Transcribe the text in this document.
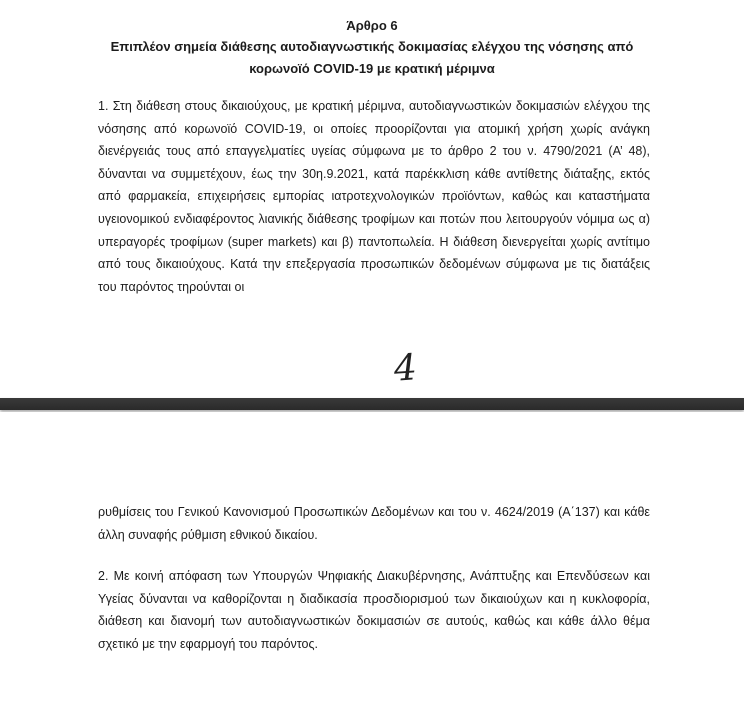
Άρθρο 6
Επιπλέον σημεία διάθεσης αυτοδιαγνωστικής δοκιμασίας ελέγχου της νόσησης από κορωνοϊό COVID-19 με κρατική μέριμνα

1. Στη διάθεση στους δικαιούχους, με κρατική μέριμνα, αυτοδιαγνωστικών δοκιμασιών ελέγχου της νόσησης από κορωνοϊό COVID-19, οι οποίες προορίζονται για ατομική χρήση χωρίς ανάγκη διενέργειάς τους από επαγγελματίες υγείας σύμφωνα με το άρθρο 2 του ν. 4790/2021 (Α’ 48), δύνανται να συμμετέχουν, έως την 30η.9.2021, κατά παρέκκλιση κάθε αντίθετης διάταξης, εκτός από φαρμακεία, επιχειρήσεις εμπορίας ιατροτεχνολογικών προϊόντων, καθώς και καταστήματα υγειονομικού ενδιαφέροντος λιανικής διάθεσης τροφίμων και ποτών που λειτουργούν νόμιμα ως α) υπεραγορές τροφίμων (super markets) και β) παντοπωλεία. Η διάθεση διενεργείται χωρίς αντίτιμο από τους δικαιούχους. Κατά την επεξεργασία προσωπικών δεδομένων σύμφωνα με τις διατάξεις του παρόντος τηρούνται οι

4

ρυθμίσεις του Γενικού Κανονισμού Προσωπικών Δεδομένων και του ν. 4624/2019 (Α΄137) και κάθε άλλη συναφής ρύθμιση εθνικού δικαίου.

2. Με κοινή απόφαση των Υπουργών Ψηφιακής Διακυβέρνησης, Ανάπτυξης και Επενδύσεων και Υγείας δύνανται να καθορίζονται η διαδικασία προσδιορισμού των δικαιούχων και η κυκλοφορία, διάθεση και διανομή των αυτοδιαγνωστικών δοκιμασιών σε αυτούς, καθώς και κάθε άλλο θέμα σχετικό με την εφαρμογή του παρόντος.
